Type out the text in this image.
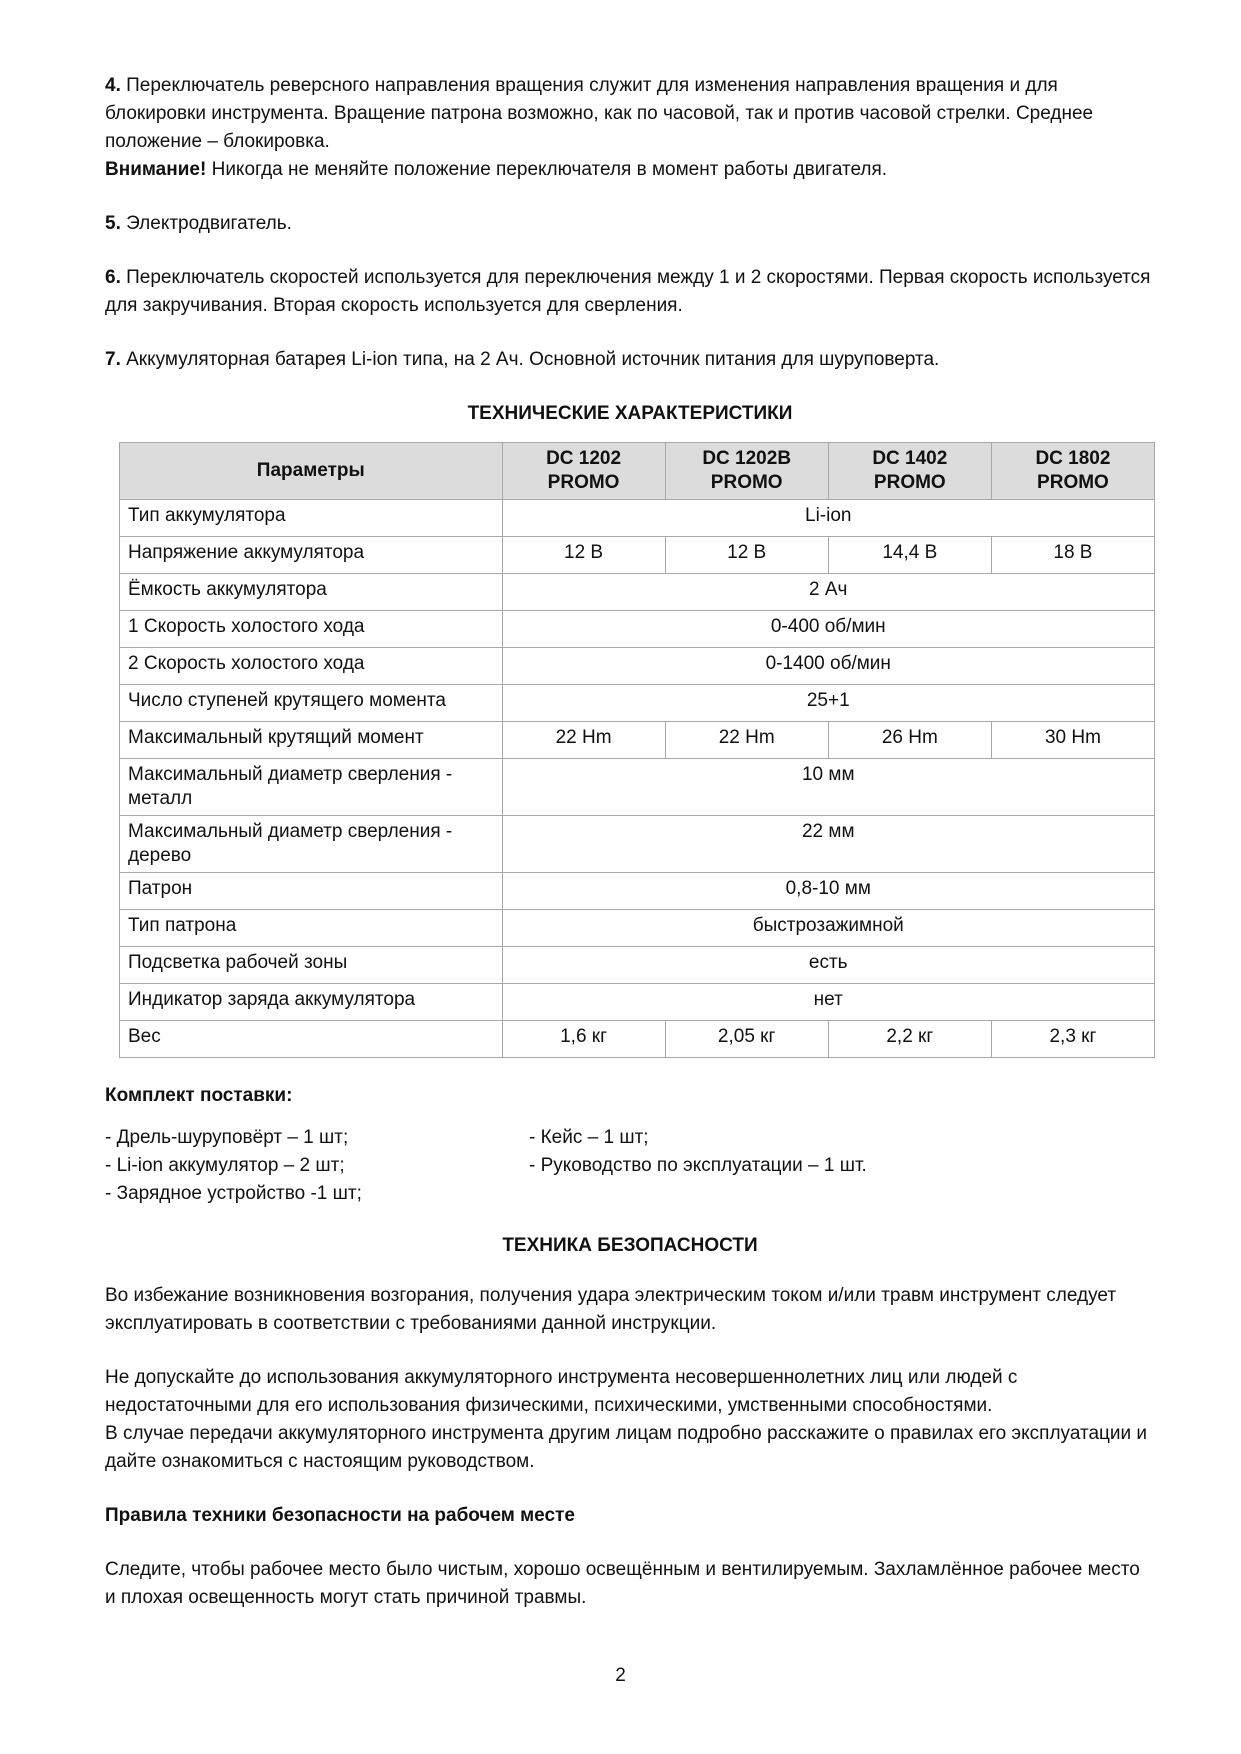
4. Переключатель реверсного направления вращения служит для изменения направления вращения и для блокировки инструмента. Вращение патрона возможно, как по часовой, так и против часовой стрелки. Среднее положение – блокировка.

Внимание! Никогда не меняйте положение переключателя в момент работы двигателя.

5. Электродвигатель.

6. Переключатель скоростей используется для переключения между 1 и 2 скоростями. Первая скорость используется для закручивания. Вторая скорость используется для сверления.

7. Аккумуляторная батарея Li-ion типа, на 2 Ач. Основной источник питания для шуруповерта.

ТЕХНИЧЕСКИЕ ХАРАКТЕРИСТИКИ

Параметры	DC 1202 PROMO	DC 1202B PROMO	DC 1402 PROMO	DC 1802 PROMO
Тип аккумулятора	Li-ion			
Напряжение аккумулятора	12 В	12 В	14,4 В	18 В
Ёмкость аккумулятора	2 Ач			
1 Скорость холостого хода	0-400 об/мин			
2 Скорость холостого хода	0-1400 об/мин			
Число ступеней крутящего момента	25+1			
Максимальный крутящий момент	22 Hm	22 Hm	26 Hm	30 Hm
Максимальный диаметр сверления - металл	10 мм			
Максимальный диаметр сверления - дерево	22 мм			
Патрон	0,8-10 мм			
Тип патрона	быстрозажимной			
Подсветка рабочей зоны	есть			
Индикатор заряда аккумулятора	нет			
Вес	1,6 кг	2,05 кг	2,2 кг	2,3 кг

Комплект поставки:

- Дрель-шуруповёрт – 1 шт;

- Li-ion аккумулятор – 2 шт;

- Зарядное устройство -1 шт;

- Кейс – 1 шт;

- Руководство по эксплуатации – 1 шт.

ТЕХНИКА БЕЗОПАСНОСТИ

Во избежание возникновения возгорания, получения удара электрическим током и/или травм инструмент следует эксплуатировать в соответствии с требованиями данной инструкции.

Не допускайте до использования аккумуляторного инструмента несовершеннолетних лиц или людей с недостаточными для его использования физическими, психическими, умственными способностями.

В случае передачи аккумуляторного инструмента другим лицам подробно расскажите о правилах его эксплуатации и дайте ознакомиться с настоящим руководством.

Правила техники безопасности на рабочем месте

Следите, чтобы рабочее место было чистым, хорошо освещённым и вентилируемым. Захламлённое рабочее место и плохая освещенность могут стать причиной травмы.

2
